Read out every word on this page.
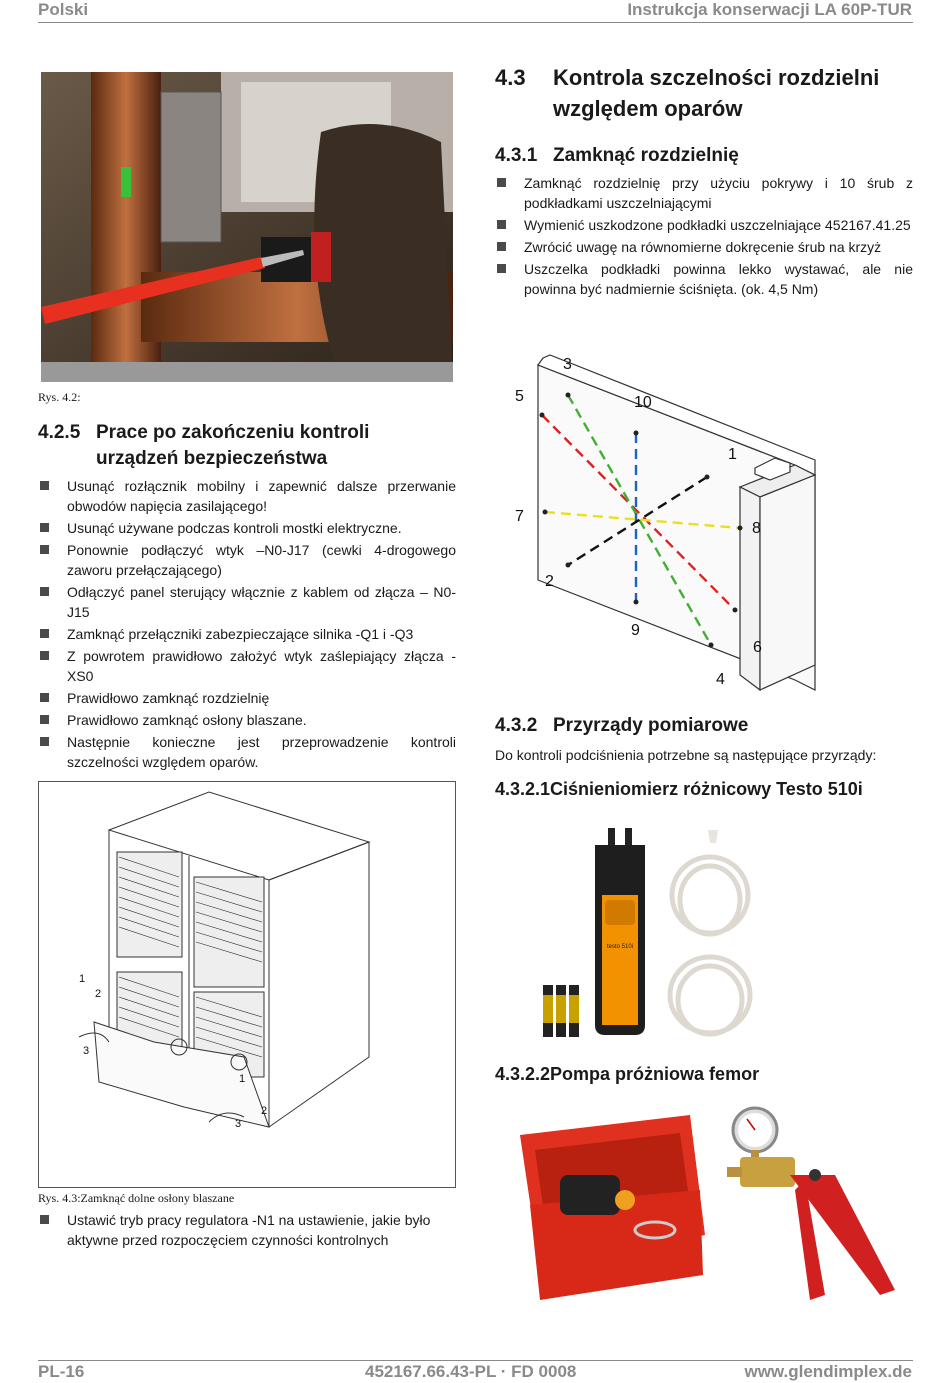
Polski	Instrukcja konserwacji LA 60P-TUR
Rys. 4.2:
4.2.5 Prace po zakończeniu kontroli
urządzeń bezpieczeństwa
Usunąć rozłącznik mobilny i zapewnić dalsze przerwanie obwodów napięcia zasilającego!
Usunąć używane podczas kontroli mostki elektryczne.
Ponownie podłączyć wtyk –N0-J17 (cewki 4-drogowego zaworu przełączającego)
Odłączyć panel sterujący włącznie z kablem od złącza – N0-J15
Zamknąć przełączniki zabezpieczające silnika -Q1 i -Q3
Z powrotem prawidłowo założyć wtyk zaślepiający złącza - XS0
Prawidłowo zamknąć rozdzielnię
Prawidłowo zamknąć osłony blaszane.
Następnie konieczne jest przeprowadzenie kontroli szczelności względem oparów.
1
2
3
1
2
3
Rys. 4.3:Zamknąć dolne osłony blaszane
Ustawić tryb pracy regulatora -N1 na ustawienie, jakie było aktywne przed rozpoczęciem czynności kontrolnych
4.3 Kontrola szczelności rozdzielni
względem oparów
4.3.1 Zamknąć rozdzielnię
Zamknąć rozdzielnię przy użyciu pokrywy i 10 śrub z podkładkami uszczelniającymi
Wymienić uszkodzone podkładki uszczelniające 452167.41.25
Zwrócić uwagę na równomierne dokręcenie śrub na krzyż
Uszczelka podkładki powinna lekko wystawać, ale nie powinna być nadmiernie ściśnięta. (ok. 4,5 Nm)
3
5	10
1
7
8
2
9
6
4
4.3.2 Przyrządy pomiarowe
Do kontroli podciśnienia potrzebne są następujące przyrządy:
4.3.2.1Ciśnieniomierz różnicowy Testo 510i
testo 510i
4.3.2.2Pompa próżniowa femor
PL-16	452167.66.43-PL · FD 0008	www.glendimplex.de
